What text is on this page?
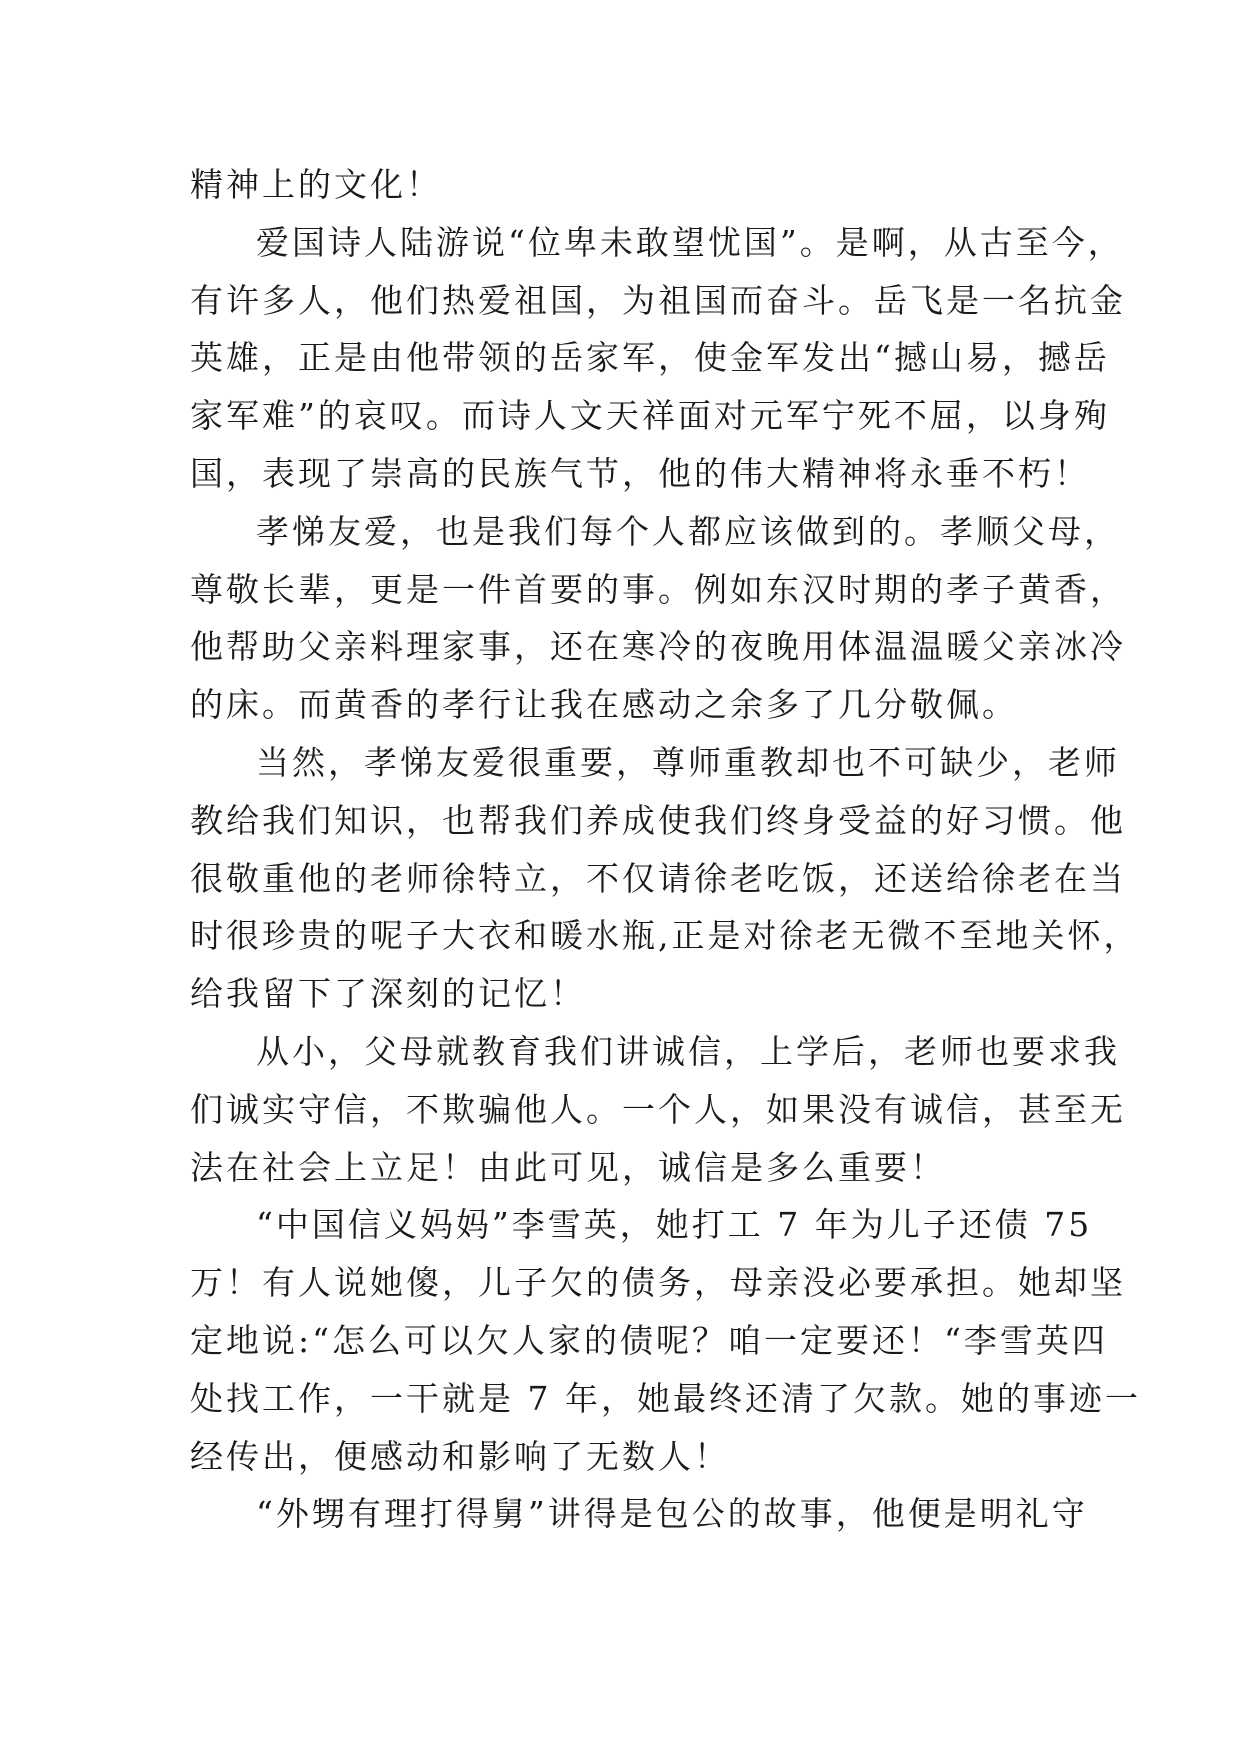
精神上的文化！
爱国诗人陆游说“位卑未敢望忧国”。是啊，从古至今，
有许多人，他们热爱祖国，为祖国而奋斗。岳飞是一名抗金
英雄，正是由他带领的岳家军，使金军发出“撼山易，撼岳
家军难”的哀叹。而诗人文天祥面对元军宁死不屈，以身殉
国，表现了崇高的民族气节，他的伟大精神将永垂不朽！
孝悌友爱，也是我们每个人都应该做到的。孝顺父母，
尊敬长辈，更是一件首要的事。例如东汉时期的孝子黄香，
他帮助父亲料理家事，还在寒冷的夜晚用体温温暖父亲冰冷
的床。而黄香的孝行让我在感动之余多了几分敬佩。
当然，孝悌友爱很重要，尊师重教却也不可缺少，老师
教给我们知识，也帮我们养成使我们终身受益的好习惯。他
很敬重他的老师徐特立，不仅请徐老吃饭，还送给徐老在当
时很珍贵的呢子大衣和暖水瓶,正是对徐老无微不至地关怀，
给我留下了深刻的记忆！
从小，父母就教育我们讲诚信，上学后，老师也要求我
们诚实守信，不欺骗他人。一个人，如果没有诚信，甚至无
法在社会上立足！由此可见，诚信是多么重要！
“中国信义妈妈”李雪英，她打工 7 年为儿子还债 75
万！有人说她傻，儿子欠的债务，母亲没必要承担。她却坚
定地说:“怎么可以欠人家的债呢？咱一定要还！“李雪英四
处找工作，一干就是 7 年，她最终还清了欠款。她的事迹一
经传出，便感动和影响了无数人！
“外甥有理打得舅”讲得是包公的故事，他便是明礼守
